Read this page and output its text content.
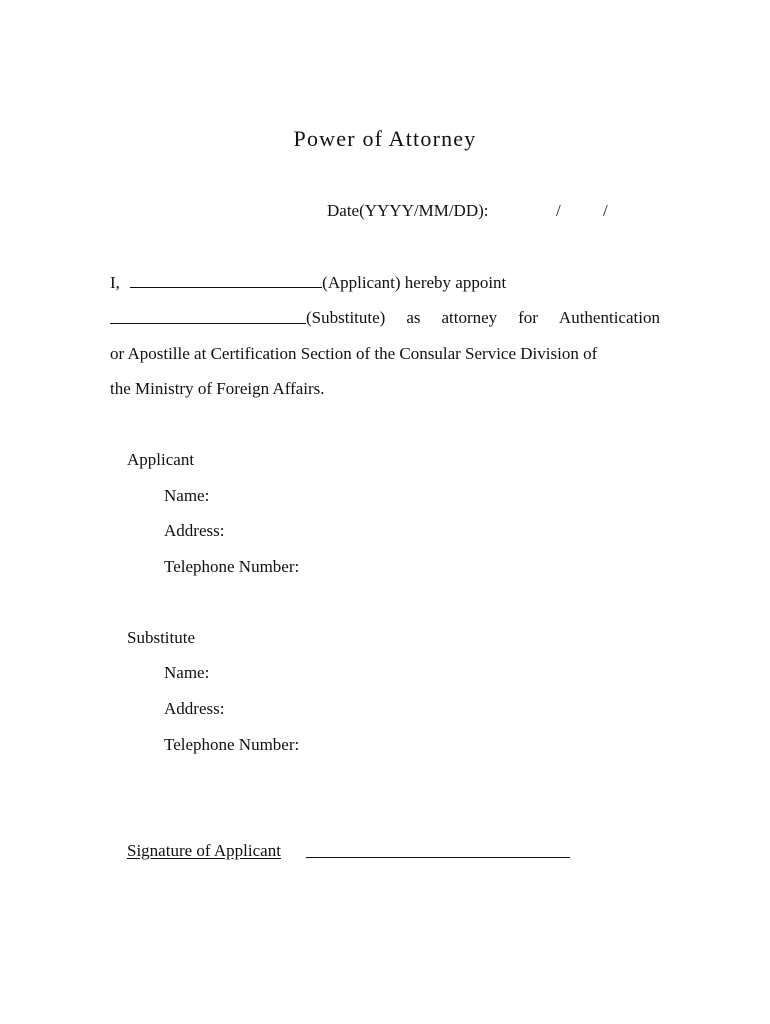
Power of Attorney
Date(YYYY/MM/DD):	/ /
I,	(Applicant) hereby appoint
(Substitute) as attorney for Authentication
or Apostille at Certification Section of the Consular Service Division of
the Ministry of Foreign Affairs.
Applicant
Name:
Address:
Telephone Number:
Substitute
Name:
Address:
Telephone Number:
Signature of Applicant
